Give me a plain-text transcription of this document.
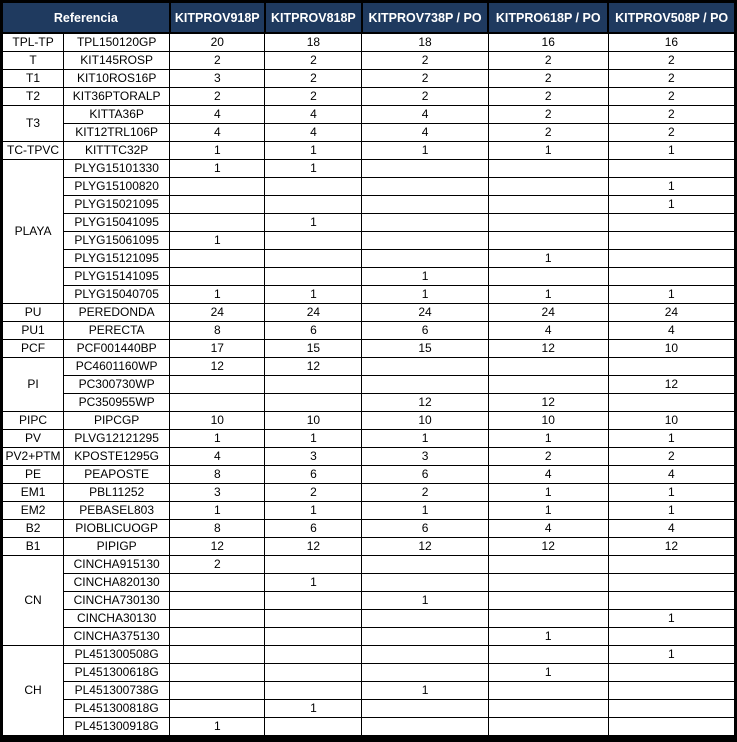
Referencia		KITPROV918P	KITPROV818P	KITPROV738P / PO	KITPRO618P / PO	KITPROV508P / PO
TPL-TP	TPL150120GP	20	18	18	16	16
T	KIT145ROSP	2	2	2	2	2
T1	KIT10ROS16P	3	2	2	2	2
T2	KIT36PTORALP	2	2	2	2	2
T3	KITTA36P	4	4	4	2	2
	KIT12TRL106P	4	4	4	2	2
TC-TPVC	KITTTC32P	1	1	1	1	1
PLAYA	PLYG15101330	1	1			
	PLYG15100820					1
	PLYG15021095					1
	PLYG15041095		1			
	PLYG15061095	1				
	PLYG15121095				1	
	PLYG15141095			1		
	PLYG15040705	1	1	1	1	1
PU	PEREDONDA	24	24	24	24	24
PU1	PERECTA	8	6	6	4	4
PCF	PCF001440BP	17	15	15	12	10
PI	PC4601160WP	12	12			
	PC300730WP					12
	PC350955WP			12	12	
PIPC	PIPCGP	10	10	10	10	10
PV	PLVG12121295	1	1	1	1	1
PV2+PTM	KPOSTE1295G	4	3	3	2	2
PE	PEAPOSTE	8	6	6	4	4
EM1	PBL11252	3	2	2	1	1
EM2	PEBASEL803	1	1	1	1	1
B2	PIOBLICUOGP	8	6	6	4	4
B1	PIPIGP	12	12	12	12	12
CN	CINCHA915130	2				
	CINCHA820130		1			
	CINCHA730130			1		
	CINCHA30130					1
	CINCHA375130				1	
CH	PL451300508G					1
	PL451300618G				1	
	PL451300738G			1		
	PL451300818G		1			
	PL451300918G	1				
